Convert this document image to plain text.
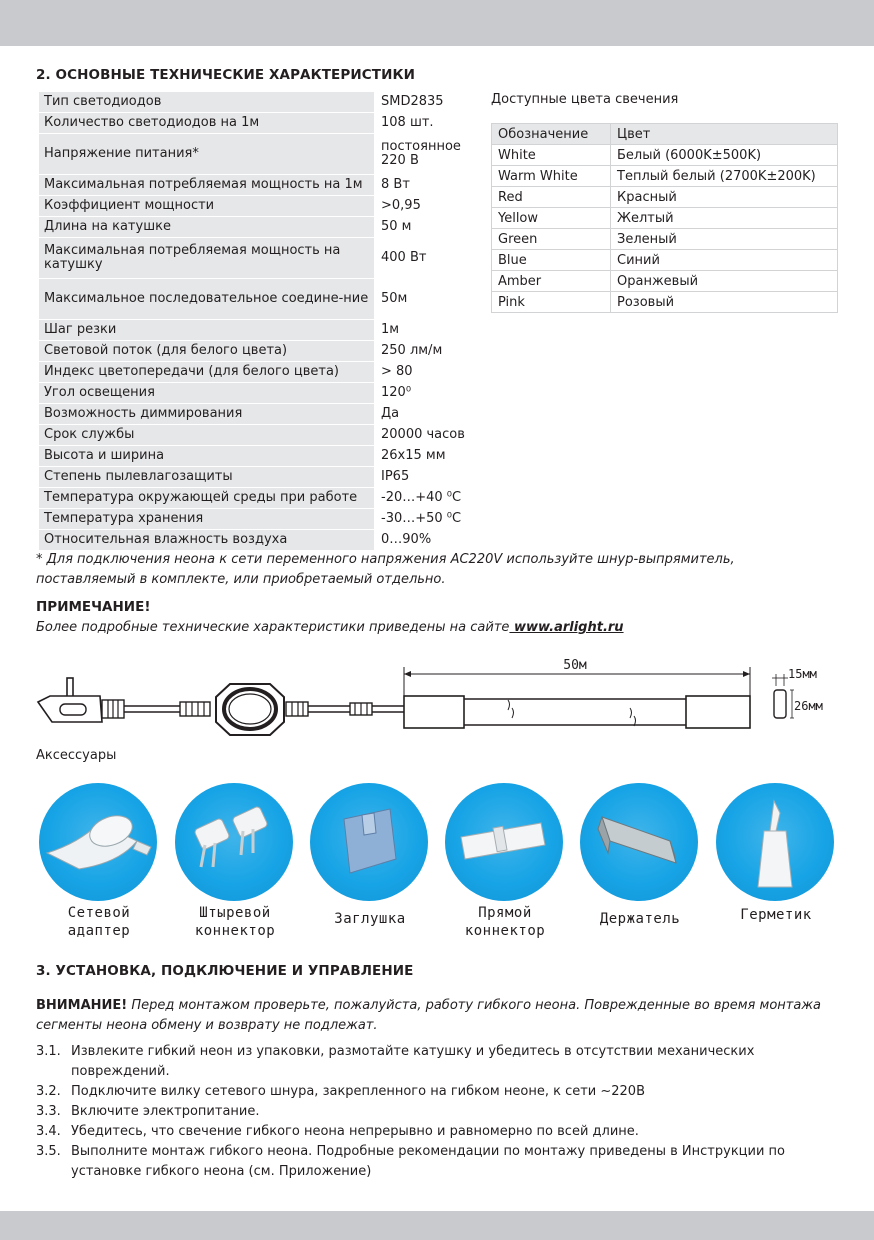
2. ОСНОВНЫЕ ТЕХНИЧЕСКИЕ ХАРАКТЕРИСТИКИ
Тип светодиодов	SMD2835
Количество светодиодов на 1м	108 шт.
Напряжение питания*	постоянное 220 В
Максимальная потребляемая мощность на 1м	8 Вт
Коэффициент мощности	>0,95
Длина на катушке	50 м
Максимальная потребляемая мощность на катушку	400 Вт
Максимальное последовательное соедине-ние	50м
Шаг резки	1м
Световой поток (для белого цвета)	250 лм/м
Индекс цветопередачи (для белого цвета)	> 80
Угол освещения	120⁰
Возможность диммирования	Да
Срок службы	20000 часов
Высота и ширина	26х15 мм
Степень пылевлагозащиты	IP65
Температура окружающей среды при работе	-20…+40 ⁰C
Температура хранения	-30…+50 ⁰C
Относительная влажность воздуха	0…90%
Доступные цвета свечения
Обозначение	Цвет
White	Белый (6000K±500K)
Warm White	Теплый белый (2700K±200K)
Red	Красный
Yellow	Желтый
Green	Зеленый
Blue	Синий
Amber	Оранжевый
Pink	Розовый
* Для подключения неона к сети переменного напряжения AC220V используйте шнур-выпрямитель, поставляемый в комплекте, или приобретаемый отдельно.
ПРИМЕЧАНИЕ!
Более подробные технические характеристики приведены на сайте www.arlight.ru
50м
15мм
26мм
Аксессуары
Сетевой
адаптер
Штыревой
коннектор
Заглушка	Прямой
коннектор
Держатель	Герметик
3. УСТАНОВКА, ПОДКЛЮЧЕНИЕ И УПРАВЛЕНИЕ
ВНИМАНИЕ! Перед монтажом проверьте, пожалуйста, работу гибкого неона. Поврежденные во время монтажа сегменты неона обмену и возврату не подлежат.
3.1. Извлеките гибкий неон из упаковки, размотайте катушку и убедитесь в отсутствии механических повреждений.
3.2. Подключите вилку сетевого шнура, закрепленного на гибком неоне, к сети ~220В
3.3. Включите электропитание.
3.4. Убедитесь, что свечение гибкого неона непрерывно и равномерно по всей длине.
3.5. Выполните монтаж гибкого неона. Подробные рекомендации по монтажу приведены в Инструкции по установке гибкого неона (см. Приложение)
